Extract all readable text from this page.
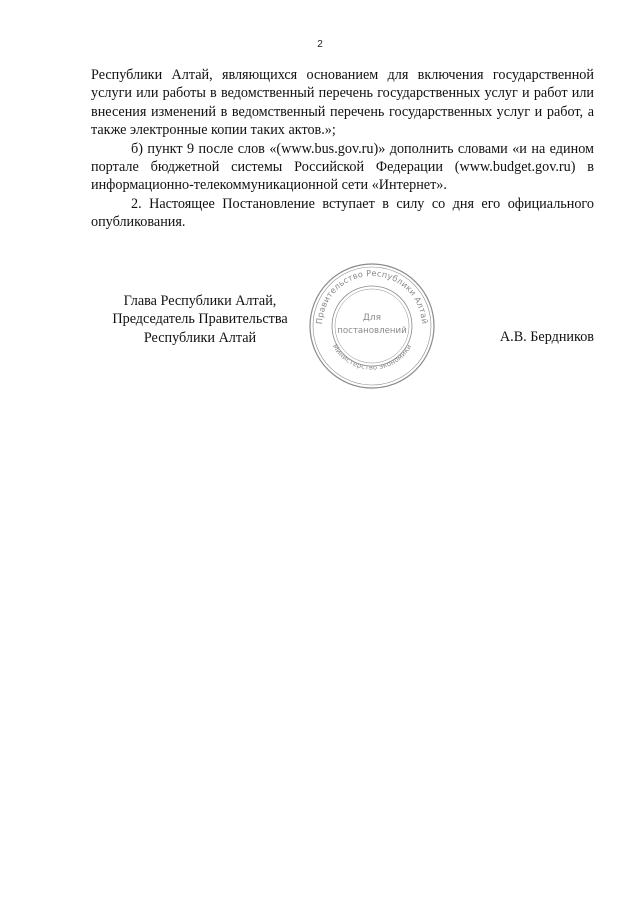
2

Республики Алтай, являющихся основанием для включения государственной услуги или работы в ведомственный перечень государственных услуг и работ или внесения изменений в ведомственный перечень государственных услуг и работ, а также электронные копии таких актов.»;

б) пункт 9 после слов «(www.bus.gov.ru)» дополнить словами «и на едином портале бюджетной системы Российской Федерации (www.budget.gov.ru) в информационно-телекоммуникационной сети «Интернет».

2. Настоящее Постановление вступает в силу со дня его официального опубликования.

Глава Республики Алтай,
Председатель Правительства
Республики Алтай	А.В. Бердников
Правительство Республики Алтай
Министерство экономики
Для
постановлений
